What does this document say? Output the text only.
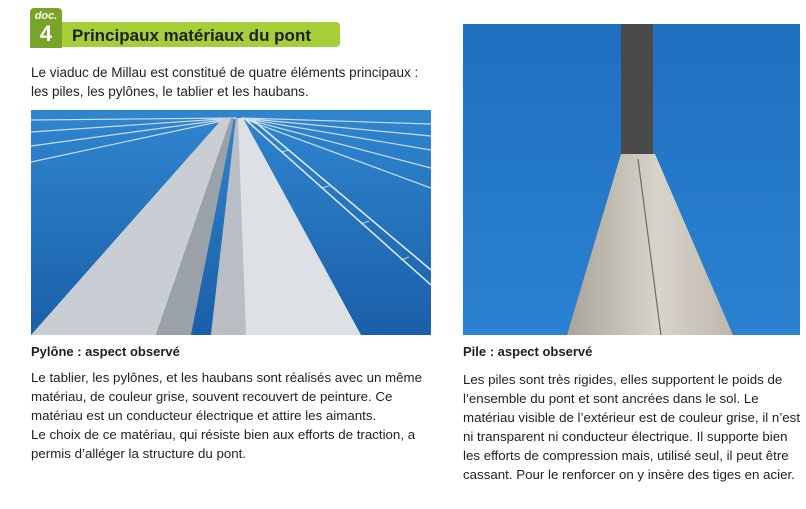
doc.
4	Principaux matériaux du pont
Le viaduc de Millau est constitué de quatre éléments principaux : les piles, les pylônes, le tablier et les haubans.
Pylône : aspect observé	Pile : aspect observé

Le tablier, les pylônes, et les haubans sont réalisés avec un même matériau, de couleur grise, souvent recouvert de peinture. Ce matériau est un conducteur électrique et attire les aimants.

Le choix de ce matériau, qui résiste bien aux efforts de traction, a permis d’alléger la structure du pont.

Les piles sont très rigides, elles supportent le poids de l’ensemble du pont et sont ancrées dans le sol. Le matériau visible de l’extérieur est de couleur grise, il n’est ni transparent ni conducteur électrique. Il supporte bien les efforts de compression mais, utilisé seul, il peut être cassant. Pour le renforcer on y insère des tiges en acier.
